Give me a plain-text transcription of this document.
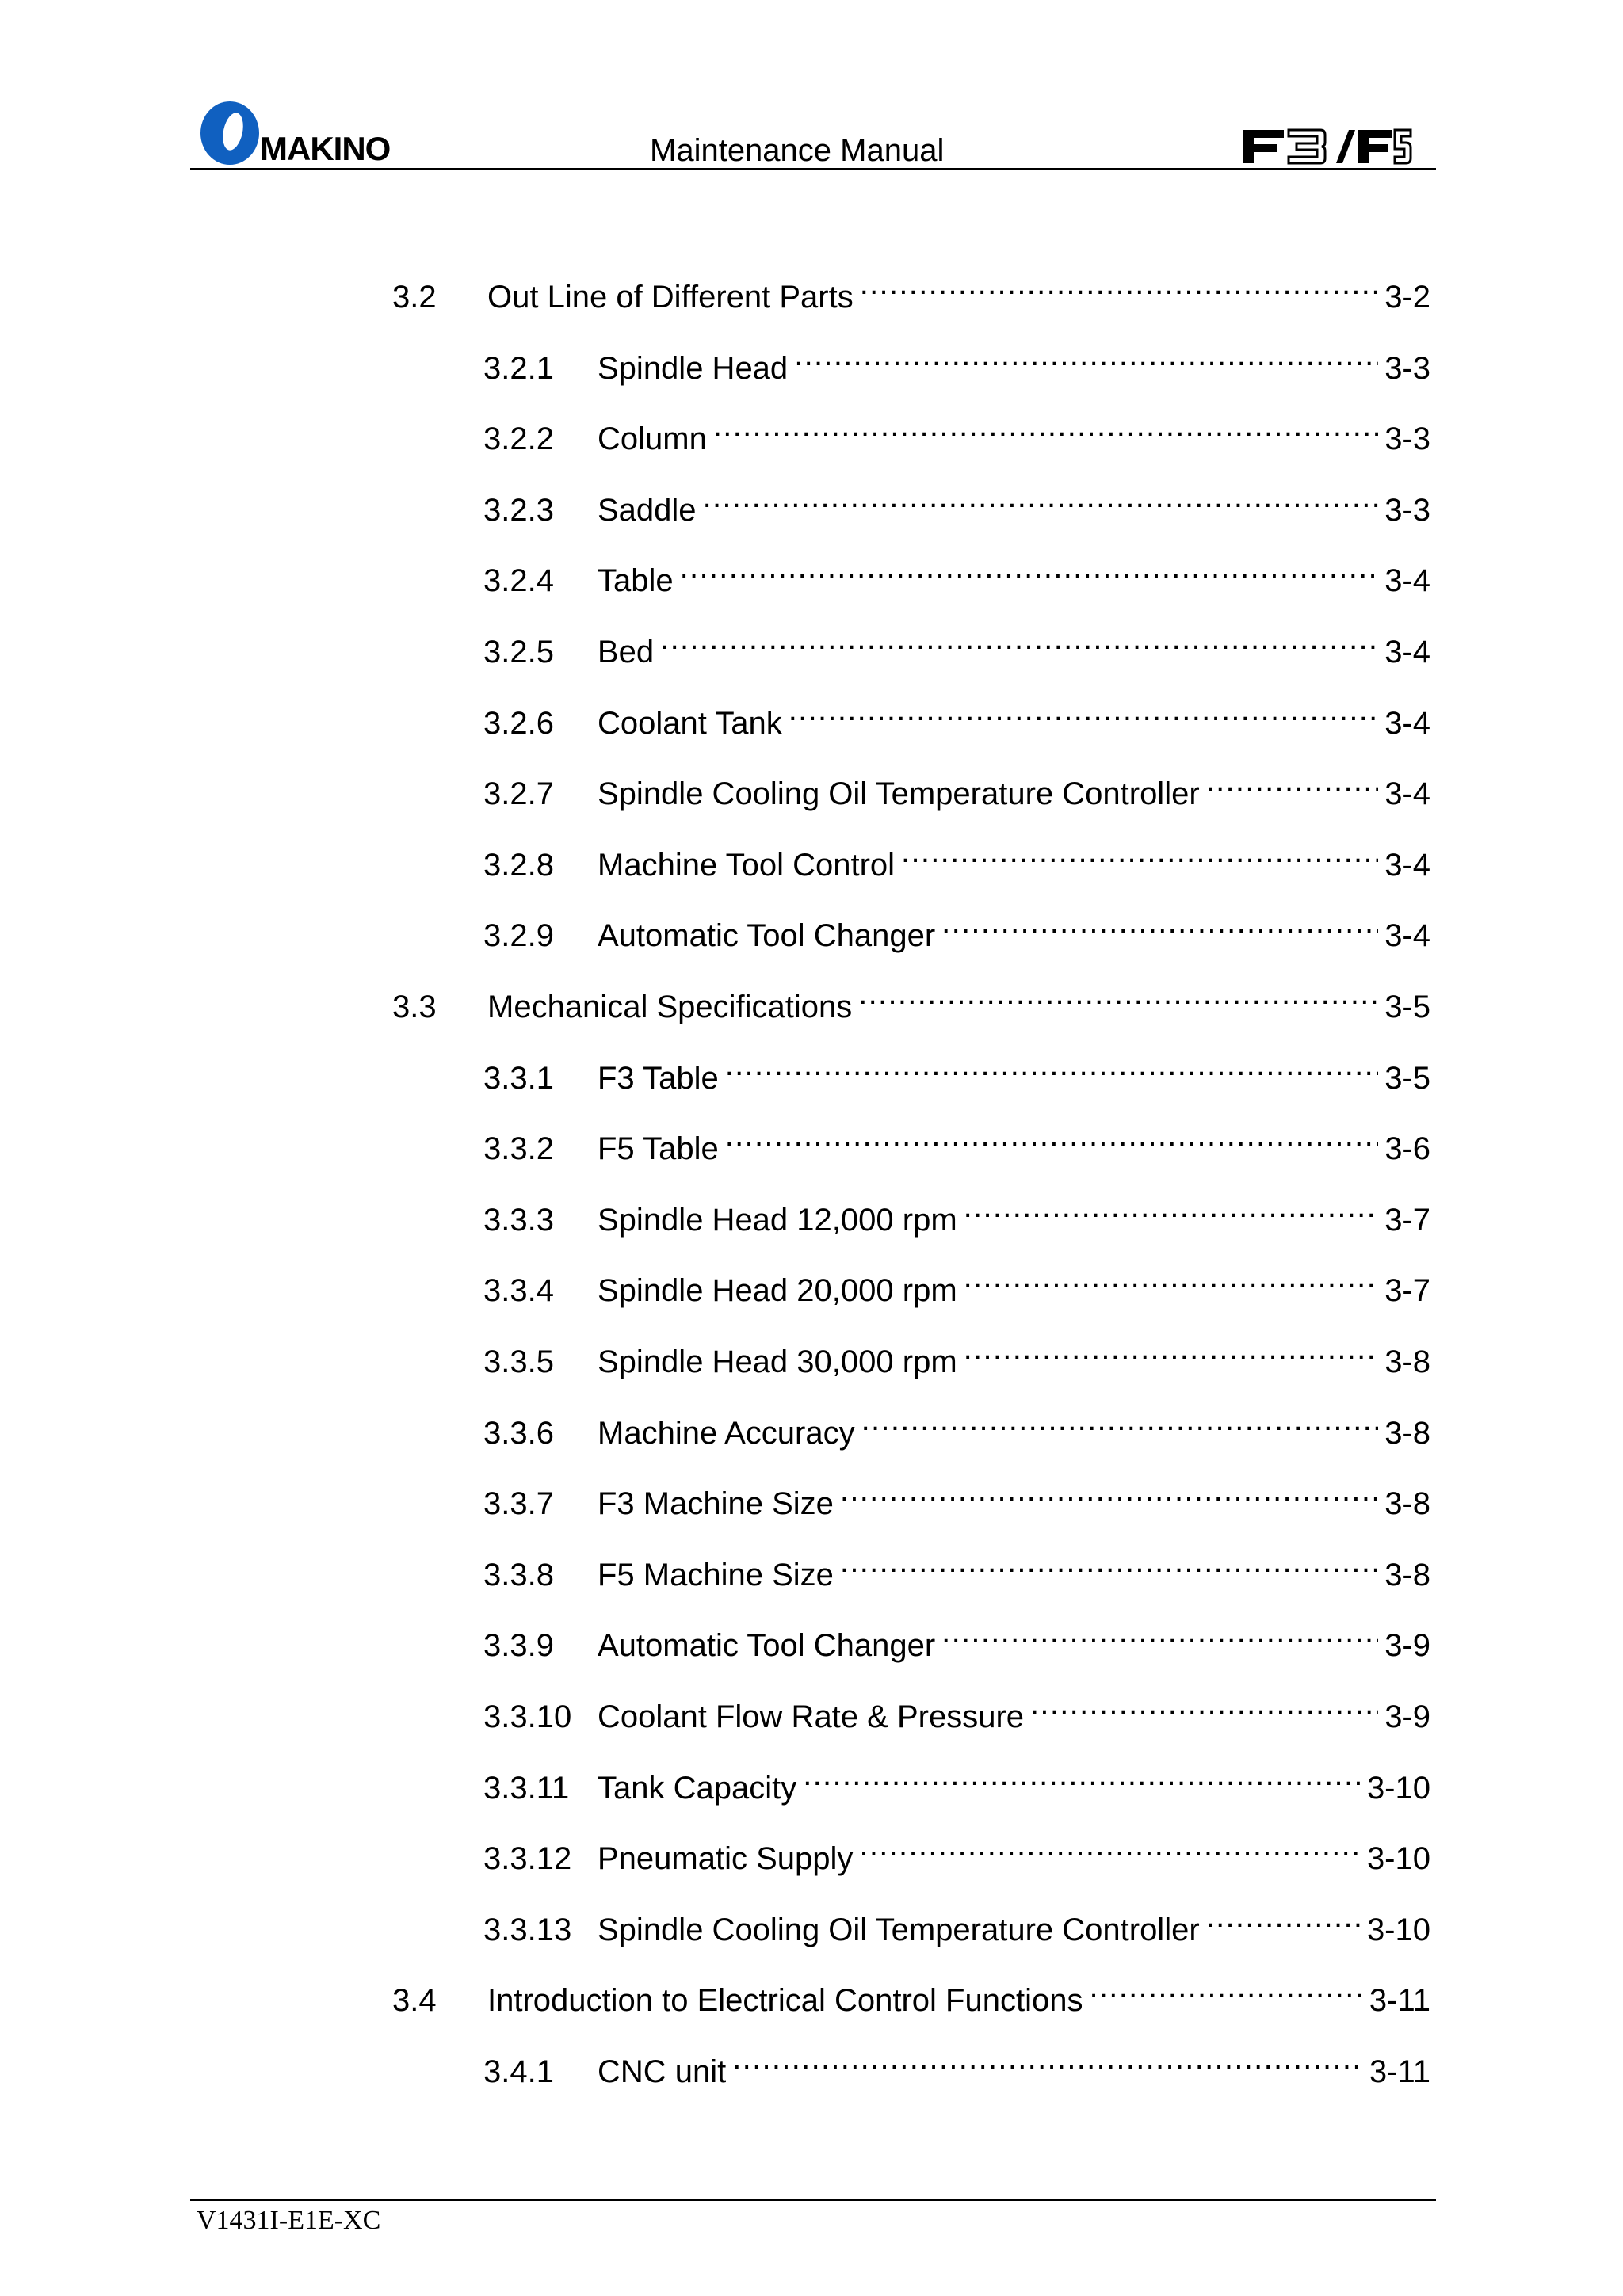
MAKINO	Maintenance Manual
3.2	Out Line of Different Parts .....	3-2
3.2.1	Spindle Head .....	3-3
3.2.2	Column .....	3-3
3.2.3	Saddle .....	3-3
3.2.4	Table .....	3-4
3.2.5	Bed .....	3-4
3.2.6	Coolant Tank .....	3-4
3.2.7	Spindle Cooling Oil Temperature Controller .....	3-4
3.2.8	Machine Tool Control .....	3-4
3.2.9	Automatic Tool Changer .....	3-4
3.3	Mechanical Specifications .....	3-5
3.3.1	F3 Table .....	3-5
3.3.2	F5 Table .....	3-6
3.3.3	Spindle Head 12,000 rpm .....	3-7
3.3.4	Spindle Head 20,000 rpm .....	3-7
3.3.5	Spindle Head 30,000 rpm .....	3-8
3.3.6	Machine Accuracy .....	3-8
3.3.7	F3 Machine Size .....	3-8
3.3.8	F5 Machine Size .....	3-8
3.3.9	Automatic Tool Changer .....	3-9
3.3.10 Coolant Flow Rate & Pressure .....	3-9
3.3.11 Tank Capacity .....	3-10
3.3.12 Pneumatic Supply .....	3-10
3.3.13 Spindle Cooling Oil Temperature Controller .....	3-10
3.4	Introduction to Electrical Control Functions .....	3-11
3.4.1	CNC unit .....	3-11
V1431I-E1E-XC
